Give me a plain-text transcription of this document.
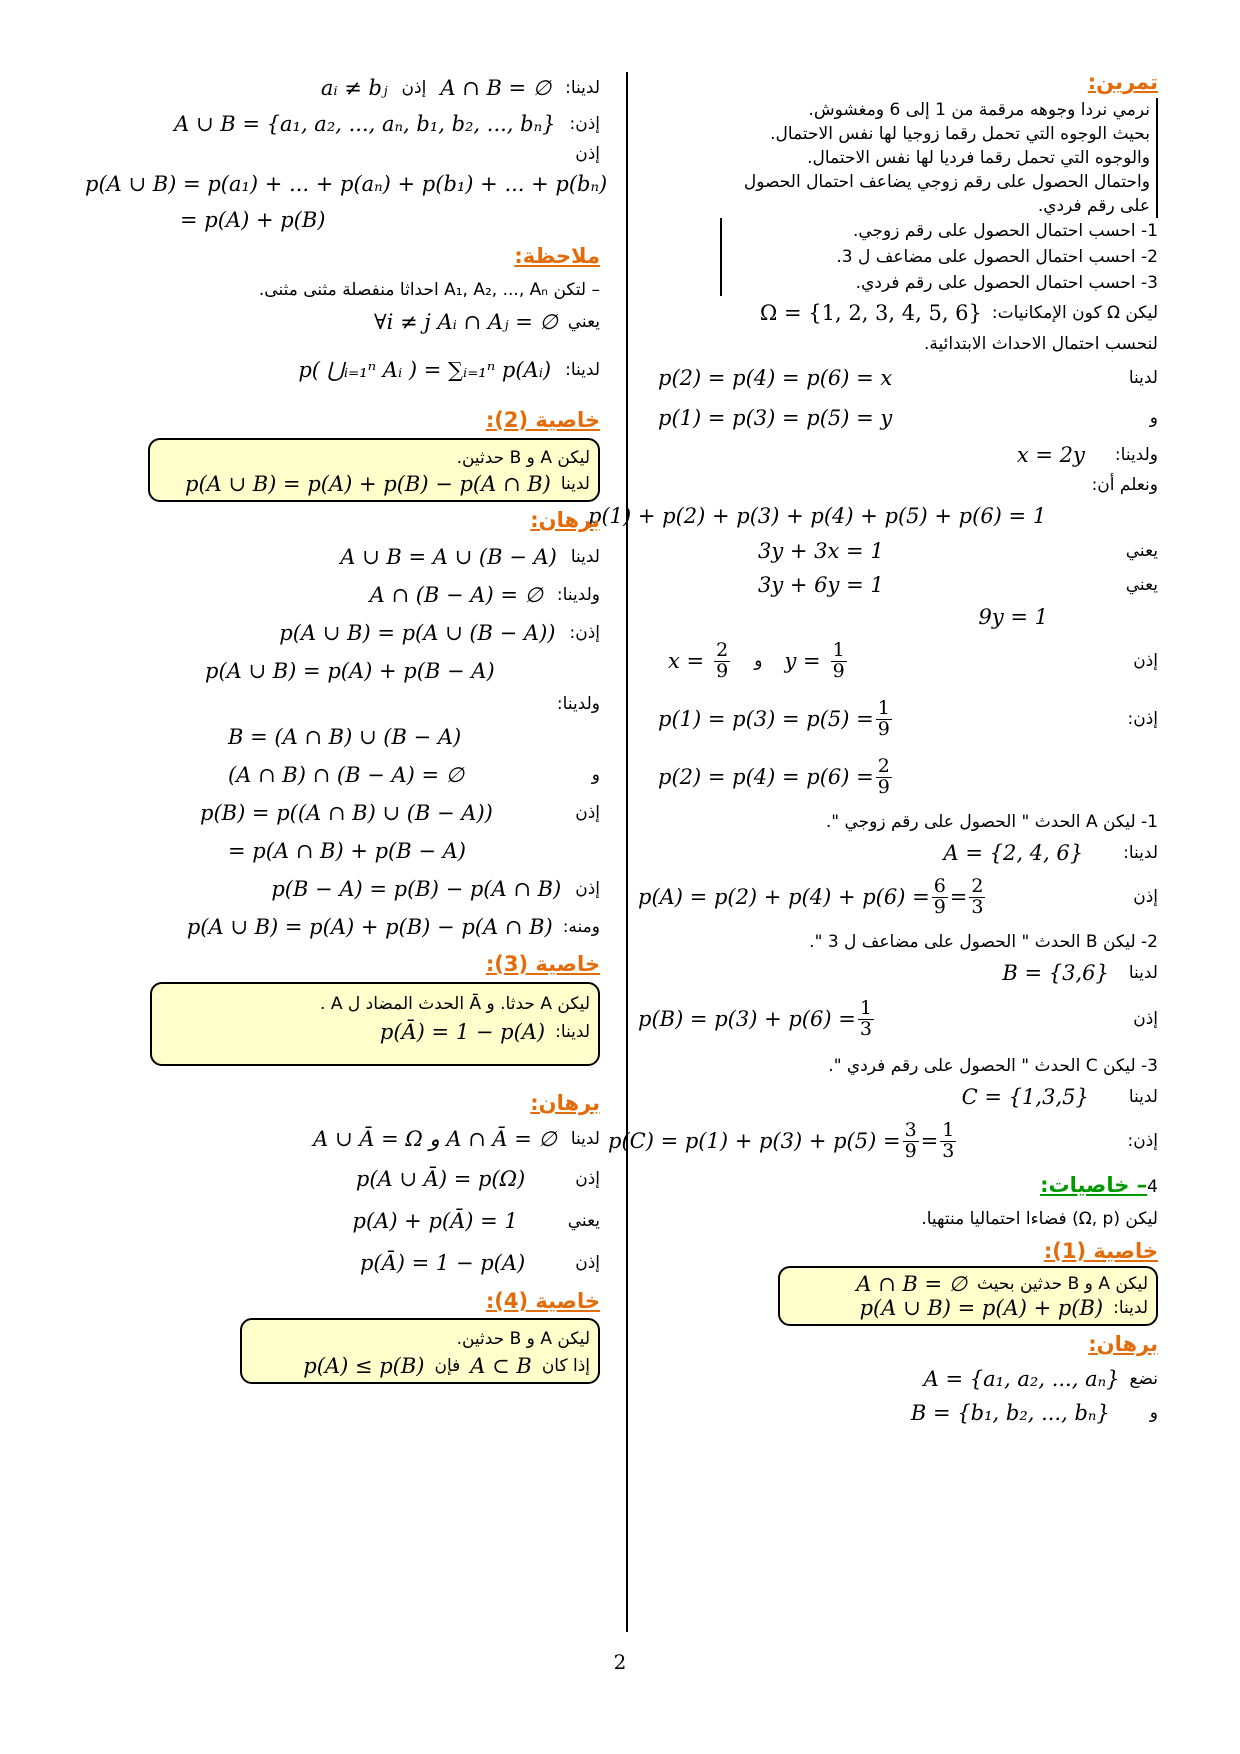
تمرين:
نرمي نردا وجوهه مرقمة من 1 إلى 6 ومغشوش.
بحيث الوجوه التي تحمل رقما زوجيا لها نفس الاحتمال.
والوجوه التي تحمل رقما فرديا لها نفس الاحتمال.
واحتمال الحصول على رقم زوجي يضاعف احتمال الحصول
على رقم فردي.
1- احسب احتمال الحصول على رقم زوجي.
2- احسب احتمال الحصول على مضاعف ل 3.
3- احسب احتمال الحصول على رقم فردي.
ليكن Ω كون الإمكانيات:
Ω = {1, 2, 3, 4, 5, 6}
لنحسب احتمال الاحداث الابتدائية.
لدينا
p(2) = p(4) = p(6) = x
و
p(1) = p(3) = p(5) = y
ولدينا:
x = 2y
ونعلم أن:
p(1) + p(2) + p(3) + p(4) + p(5) + p(6) = 1
يعني
3y + 3x = 1
يعني
3y + 6y = 1
9y = 1
إذن
$x = \frac{2}{9}$ و $y = \frac{1}{9}$
إذن:
$p(1) = p(3) = p(5) = \frac{1}{9}$
$p(2) = p(4) = p(6) = \frac{2}{9}$
1- ليكن A الحدث " الحصول على رقم زوجي ".
لدينا:
A = {2, 4, 6}
إذن
$p(A) = p(2) + p(4) + p(6) = \frac{6}{9} = \frac{2}{3}$
2- ليكن B الحدث " الحصول على مضاعف ل 3 ".
لدينا
B = {3,6}
إذن
$p(B) = p(3) + p(6) = \frac{1}{3}$
3- ليكن C الحدث " الحصول على رقم فردي ".
لدينا
C = {1,3,5}
إذن:
$p(C) = p(1) + p(3) + p(5) = \frac{3}{9} = \frac{1}{3}$
4– خاصيات:
ليكن (Ω, p) فضاءا احتماليا منتهيا.
خاصية (1):
ليكن A و B حدثين بحيث
A ∩ B = ∅
لدينا:
p(A ∪ B) = p(A) + p(B)
برهان:
نضع
A = {a₁, a₂, ..., aₙ}
و
B = {b₁, b₂, ..., bₙ}
لدينا:
A ∩ B = ∅
إذن
aᵢ ≠ bⱼ
إذن:
A ∪ B = {a₁, a₂, ..., aₙ, b₁, b₂, ..., bₙ}
إذن
p(A ∪ B) = p(a₁) + ... + p(aₙ) + p(b₁) + ... + p(bₙ)
= p(A) + p(B)
ملاحظة:
– لتكن A₁, A₂, ..., Aₙ احداثا منفصلة مثنى مثنى.
يعني
∀i ≠ j Aᵢ ∩ Aⱼ = ∅
لدينا:
p( ⋃ᵢ₌₁ⁿ Aᵢ ) = ∑ᵢ₌₁ⁿ p(Aᵢ)
خاصية (2):
ليكن A و B حدثين.
لدينا
p(A ∪ B) = p(A) + p(B) − p(A ∩ B)
برهان:
لدينا
A ∪ B = A ∪ (B − A)
ولدينا:
A ∩ (B − A) = ∅
إذن:
p(A ∪ B) = p(A ∪ (B − A))
p(A ∪ B) = p(A) + p(B − A)
ولدينا:
B = (A ∩ B) ∪ (B − A)
و
(A ∩ B) ∩ (B − A) = ∅
إذن
p(B) = p((A ∩ B) ∪ (B − A))
= p(A ∩ B) + p(B − A)
إذن
p(B − A) = p(B) − p(A ∩ B)
ومنه:
p(A ∪ B) = p(A) + p(B) − p(A ∩ B)
خاصية (3):
ليكن A حدثا. و Ā الحدث المضاد ل A .
لدينا:
p(Ā) = 1 − p(A)
برهان:
لدينا
A ∪ Ā = Ω و A ∩ Ā = ∅
إذن
p(A ∪ Ā) = p(Ω)
يعني
p(A) + p(Ā) = 1
إذن
p(Ā) = 1 − p(A)
خاصية (4):
ليكن A و B حدثين.
إذا كان
A ⊂ B
فإن
p(A) ≤ p(B)
2
